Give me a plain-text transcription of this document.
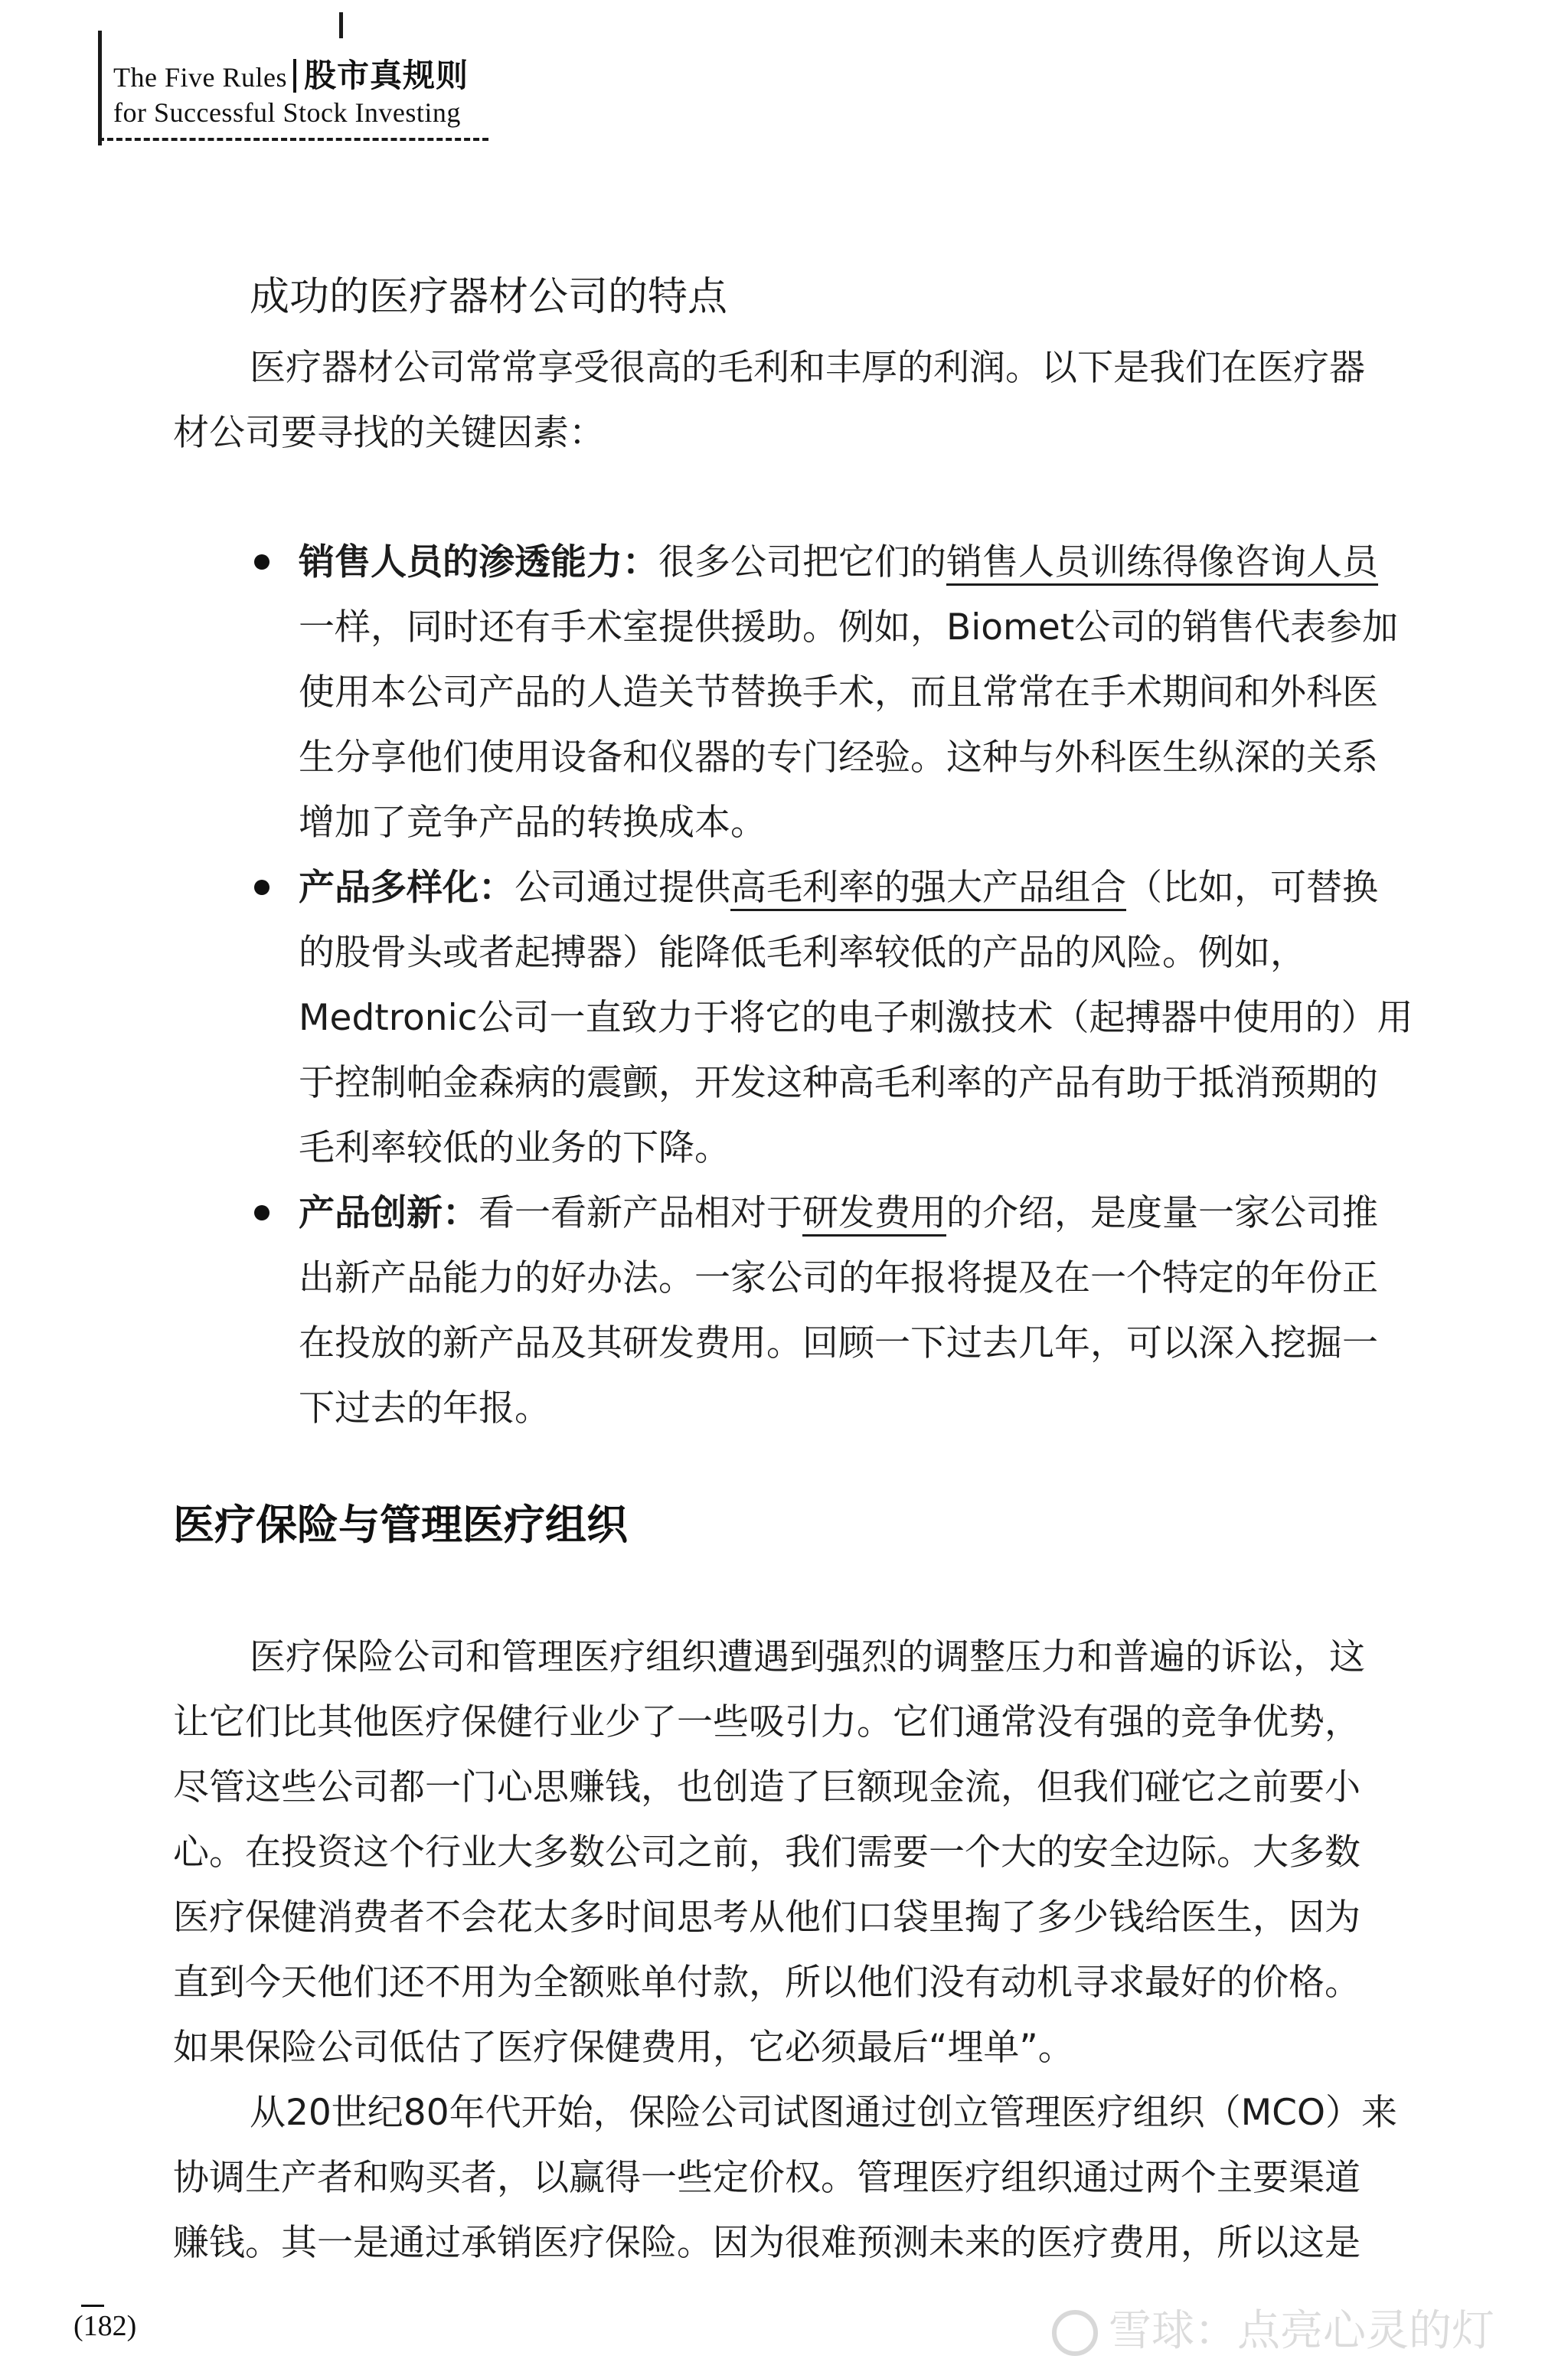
The Five Rules 股市真规则
for Successful Stock Investing
成功的医疗器材公司的特点
医疗器材公司常常享受很高的毛利和丰厚的利润。以下是我们在医疗器
材公司要寻找的关键因素：
销售人员的渗透能力：很多公司把它们的销售人员训练得像咨询人员
一样，同时还有手术室提供援助。例如，Biomet公司的销售代表参加
使用本公司产品的人造关节替换手术，而且常常在手术期间和外科医
生分享他们使用设备和仪器的专门经验。这种与外科医生纵深的关系
增加了竞争产品的转换成本。
产品多样化：公司通过提供高毛利率的强大产品组合（比如，可替换
的股骨头或者起搏器）能降低毛利率较低的产品的风险。例如，
Medtronic公司一直致力于将它的电子刺激技术（起搏器中使用的）用
于控制帕金森病的震颤，开发这种高毛利率的产品有助于抵消预期的
毛利率较低的业务的下降。
产品创新：看一看新产品相对于研发费用的介绍，是度量一家公司推
出新产品能力的好办法。一家公司的年报将提及在一个特定的年份正
在投放的新产品及其研发费用。回顾一下过去几年，可以深入挖掘一
下过去的年报。
医疗保险与管理医疗组织
医疗保险公司和管理医疗组织遭遇到强烈的调整压力和普遍的诉讼，这
让它们比其他医疗保健行业少了一些吸引力。它们通常没有强的竞争优势，
尽管这些公司都一门心思赚钱，也创造了巨额现金流，但我们碰它之前要小
心。在投资这个行业大多数公司之前，我们需要一个大的安全边际。大多数
医疗保健消费者不会花太多时间思考从他们口袋里掏了多少钱给医生，因为
直到今天他们还不用为全额账单付款，所以他们没有动机寻求最好的价格。
如果保险公司低估了医疗保健费用，它必须最后“埋单”。
从20世纪80年代开始，保险公司试图通过创立管理医疗组织（MCO）来
协调生产者和购买者，以赢得一些定价权。管理医疗组织通过两个主要渠道
赚钱。其一是通过承销医疗保险。因为很难预测未来的医疗费用，所以这是
(182)	雪球：点亮心灵的灯
